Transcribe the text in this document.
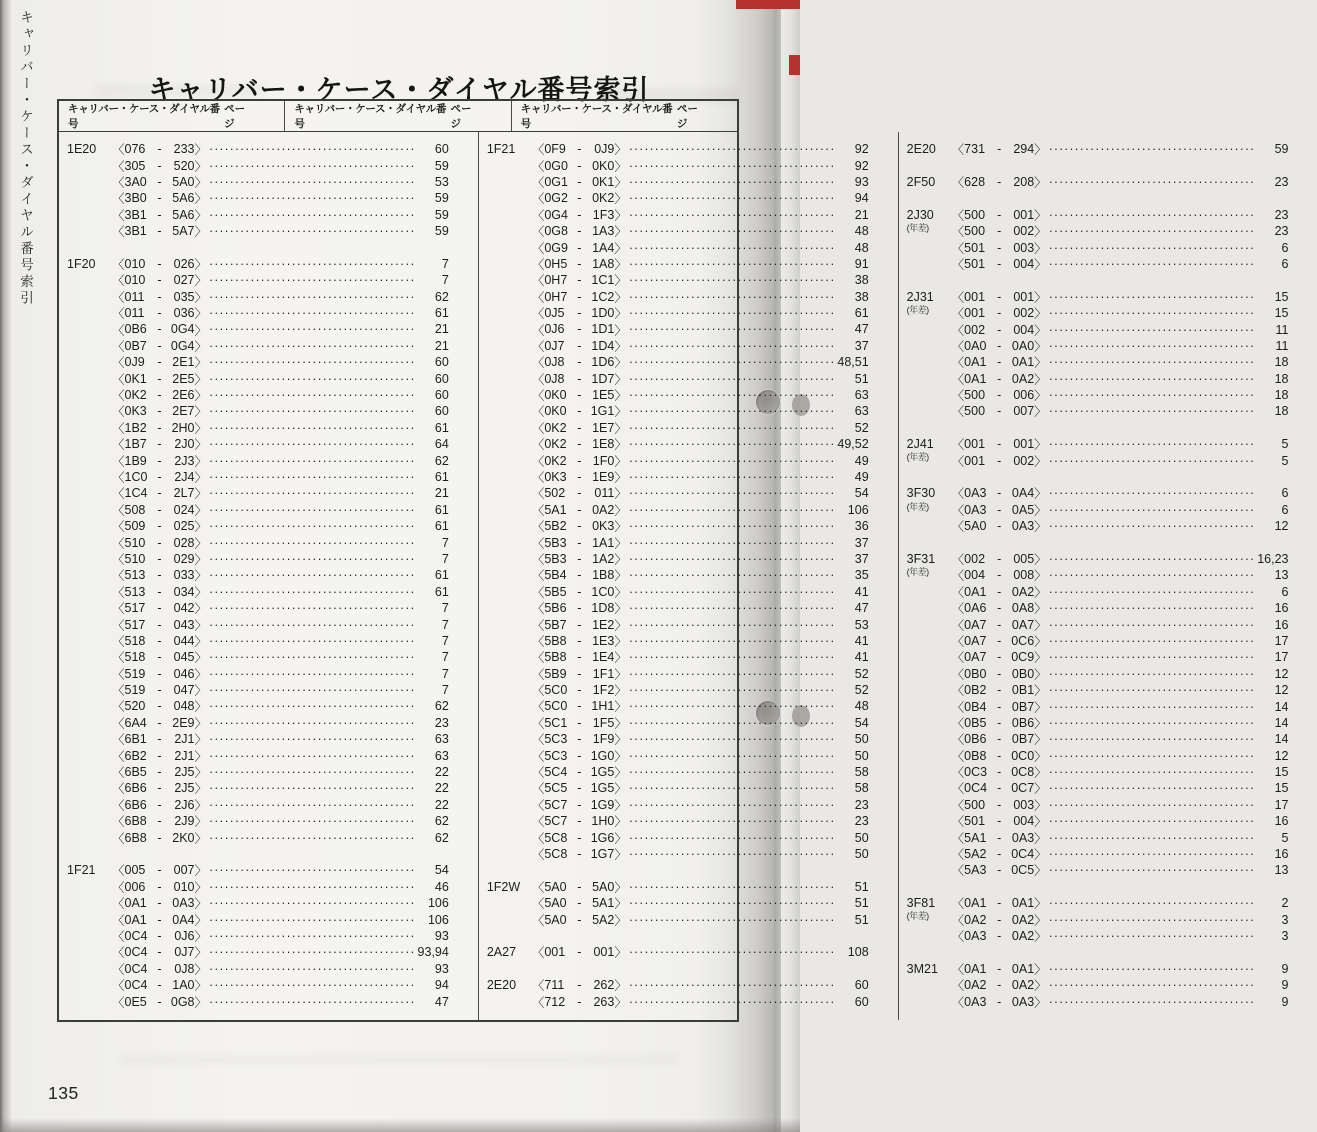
キャリバー・ケース・ダイヤル番号索引	キャリバー・ケース・ダイヤル番号索引
キャリバー・ケース・ダイヤル番号
ページ
キャリバー・ケース・ダイヤル番号
ページ
キャリバー・ケース・ダイヤル番号
ページ
1E20	〈 076 - 233 〉 ·····	60
〈 305 - 520 〉 ·····	59
〈 3A0 - 5A0 〉 ·····	53
〈 3B0 - 5A6 〉 ·····	59
〈 3B1 - 5A6 〉 ·····	59
〈 3B1 - 5A7 〉 ·····	59
1F20	〈 010 - 026 〉 ·····	7
〈 010 - 027 〉 ·····	7
〈 011	- 035 〉 ·····	62
〈 011	- 036 〉 ·····	61
〈 0B6 - 0G4 〉 ·····	21
〈 0B7 - 0G4 〉 ·····	21
〈 0J9	- 2E1 〉 ·····	60
〈 0K1 - 2E5 〉 ·····	60
〈 0K2 - 2E6 〉 ·····	60
〈 0K3 - 2E7 〉 ·····	60
〈 1B2 - 2H0 〉 ·····	61
〈 1B7 -	2J0 〉 ·····	64
〈 1B9 -	2J3 〉 ·····	62
〈 1C0 -	2J4 〉 ·····	61
〈 1C4 - 2L7 〉 ·····	21
〈 508 - 024 〉 ·····	61
〈 509 - 025 〉 ·····	61
〈 510 - 028 〉 ·····	7
〈 510 - 029 〉 ·····	7
〈 513 - 033 〉 ·····	61
〈 513 - 034 〉 ·····	61
〈 517 - 042 〉 ·····	7
〈 517 - 043 〉 ·····	7
〈 518 - 044 〉 ·····	7
〈 518 - 045 〉 ·····	7
〈 519 - 046 〉 ·····	7
〈 519 - 047 〉 ·····	7
〈 520 - 048 〉 ·····	62
〈 6A4 - 2E9 〉 ·····	23
〈 6B1 -	2J1 〉 ·····	63
〈 6B2 -	2J1 〉 ·····	63
〈 6B5 -	2J5 〉 ·····	22
〈 6B6 -	2J5 〉 ·····	22
〈 6B6 -	2J6 〉 ·····	22
〈 6B8 -	2J9 〉 ·····	62
〈 6B8 - 2K0 〉 ·····	62
1F21	〈 005 - 007 〉 ·····	54
〈 006 - 010 〉 ·····	46
〈 0A1 - 0A3 〉 ·····	106
〈 0A1 - 0A4 〉 ·····	106
〈 0C4 -	0J6 〉 ·····	93
〈 0C4 -	0J7 〉 ·····	93,94
〈 0C4 -	0J8 〉 ·····	93
〈 0C4 - 1A0 〉 ·····	94
〈 0E5 - 0G8 〉 ·····	47
1F21	〈 0F9 -	0J9 〉 ·····	92
〈 0G0 - 0K0 〉 ·····	92
〈 0G1 - 0K1 〉 ·····	93
〈 0G2 - 0K2 〉 ·····	94
〈 0G4 - 1F3 〉 ·····	21
〈 0G8 - 1A3 〉 ·····	48
〈 0G9 - 1A4 〉 ·····	48
〈 0H5 - 1A8 〉 ·····	91
〈 0H7 - 1C1 〉 ·····	38
〈 0H7 - 1C2 〉 ·····	38
〈 0J5	- 1D0 〉 ·····	61
〈 0J6	- 1D1 〉 ·····	47
〈 0J7	- 1D4 〉 ·····	37
〈 0J8	- 1D6 〉 ·····	48,51
〈 0J8	- 1D7 〉 ·····	51
〈 0K0 - 1E5 〉 ·····	63
〈 0K0 - 1G1 〉 ·····	63
〈 0K2 - 1E7 〉 ·····	52
〈 0K2 - 1E8 〉 ·····	49,52
〈 0K2 - 1F0 〉 ·····	49
〈 0K3 - 1E9 〉 ·····	49
〈 502 -	011 〉 ·····	54
〈 5A1 - 0A2 〉 ·····	106
〈 5B2 - 0K3 〉 ·····	36
〈 5B3 - 1A1 〉 ·····	37
〈 5B3 - 1A2 〉 ·····	37
〈 5B4 - 1B8 〉 ·····	35
〈 5B5 - 1C0 〉 ·····	41
〈 5B6 - 1D8 〉 ·····	47
〈 5B7 - 1E2 〉 ·····	53
〈 5B8 - 1E3 〉 ·····	41
〈 5B8 - 1E4 〉 ·····	41
〈 5B9 - 1F1 〉 ·····	52
〈 5C0 - 1F2 〉 ·····	52
〈 5C0 - 1H1 〉 ·····	48
〈 5C1 - 1F5 〉 ·····	54
〈 5C3 - 1F9 〉 ·····	50
〈 5C3 - 1G0 〉 ·····	50
〈 5C4 - 1G5 〉 ·····	58
〈 5C5 - 1G5 〉 ·····	58
〈 5C7 - 1G9 〉 ·····	23
〈 5C7 - 1H0 〉 ·····	23
〈 5C8 - 1G6 〉 ·····	50
〈 5C8 - 1G7 〉 ·····	50
1F2W 〈 5A0 - 5A0 〉 ·····	51
〈 5A0 - 5A1 〉 ·····	51
〈 5A0 - 5A2 〉 ·····	51
2A27	〈 001 - 001 〉 ·····	108
2E20	〈 711	- 262 〉 ·····	60
〈 712 - 263 〉 ·····	60
2E20	〈 731 - 294 〉 ·····	59
2F50	〈 628 - 208 〉 ·····	23
2J30
(年差)
〈 500 - 001 〉 ·····	23
〈 500 - 002 〉 ·····	23
〈 501 - 003 〉 ·····	6
〈 501 - 004 〉 ·····	6
2J31
(年差)
〈 001 - 001 〉 ·····	15
〈 001 - 002 〉 ·····	15
〈 002 - 004 〉 ·····	11
〈 0A0 - 0A0 〉 ·····	11
〈 0A1 - 0A1 〉 ·····	18
〈 0A1 - 0A2 〉 ·····	18
〈 500 - 006 〉 ·····	18
〈 500 - 007 〉 ·····	18
2J41
(年差)
〈 001 - 001 〉 ·····	5
〈 001 - 002 〉 ·····	5
3F30
(年差)
〈 0A3 - 0A4 〉 ·····	6
〈 0A3 - 0A5 〉 ·····	6
〈 5A0 - 0A3 〉 ·····	12
3F31
(年差)
〈 002 - 005 〉 ·····	16,23
〈 004 - 008 〉 ·····	13
〈 0A1 - 0A2 〉 ·····	6
〈 0A6 - 0A8 〉 ·····	16
〈 0A7 - 0A7 〉 ·····	16
〈 0A7 - 0C6 〉 ·····	17
〈 0A7 - 0C9 〉 ·····	17
〈 0B0 - 0B0 〉 ·····	12
〈 0B2 - 0B1 〉 ·····	12
〈 0B4 - 0B7 〉 ·····	14
〈 0B5 - 0B6 〉 ·····	14
〈 0B6 - 0B7 〉 ·····	14
〈 0B8 - 0C0 〉 ·····	12
〈 0C3 - 0C8 〉 ·····	15
〈 0C4 - 0C7 〉 ·····	15
〈 500 - 003 〉 ·····	17
〈 501 - 004 〉 ·····	16
〈 5A1 - 0A3 〉 ·····	5
〈 5A2 - 0C4 〉 ·····	16
〈 5A3 - 0C5 〉 ·····	13
3F81
(年差)
〈 0A1 - 0A1 〉 ·····	2
〈 0A2 - 0A2 〉 ·····	3
〈 0A3 - 0A2 〉 ·····	3
3M21	〈 0A1 - 0A1 〉 ·····	9
〈 0A2 - 0A2 〉 ·····	9
〈 0A3 - 0A3 〉 ·····	9
135
